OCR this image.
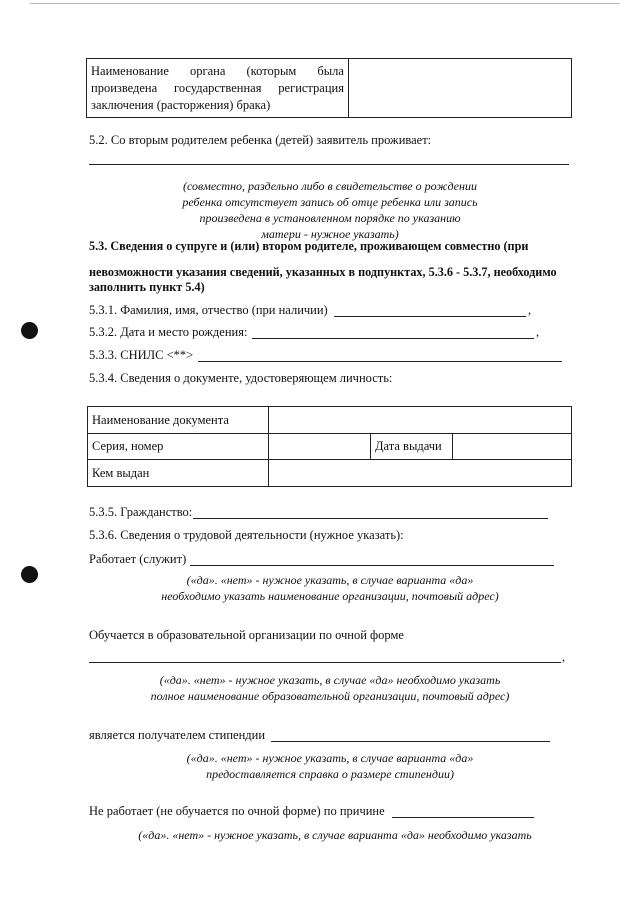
Наименование органа (которым была
произведена государственная регистрация
заключения (расторжения) брака)

5.2. Со вторым родителем ребенка (детей) заявитель проживает:
(совместно, раздельно либо в свидетельстве о рождении
ребенка отсутствует запись об отце ребенка или запись
произведена в установленном порядке по указанию
матери - нужное указать)
5.3. Сведения о супруге и (или) втором родителе, проживающем совместно (при
невозможности указания сведений, указанных в подпунктах, 5.3.6 - 5.3.7, необходимо
заполнить пункт 5.4)
5.3.1. Фамилия, имя, отчество (при наличии)	,
5.3.2. Дата и место рождения:	,
5.3.3. СНИЛС <**>
5.3.4. Сведения о документе, удостоверяющем личность:
Наименование документа			
Серия, номер		Дата выдачи	
Кем выдан			
5.3.5. Гражданство:
5.3.6. Сведения о трудовой деятельности (нужное указать):
Работает (служит)
(«да». «нет» - нужное указать, в случае варианта «да»
необходимо указать наименование организации, почтовый адрес)
Обучается в образовательной организации по очной форме
,
(«да». «нет» - нужное указать, в случае «да» необходимо указать
полное наименование образовательной организации, почтовый адрес)
является получателем стипендии
(«да». «нет» - нужное указать, в случае варианта «да»
предоставляется справка о размере стипендии)
Не работает (не обучается по очной форме) по причине
(«да». «нет» - нужное указать, в случае варианта «да» необходимо указать
